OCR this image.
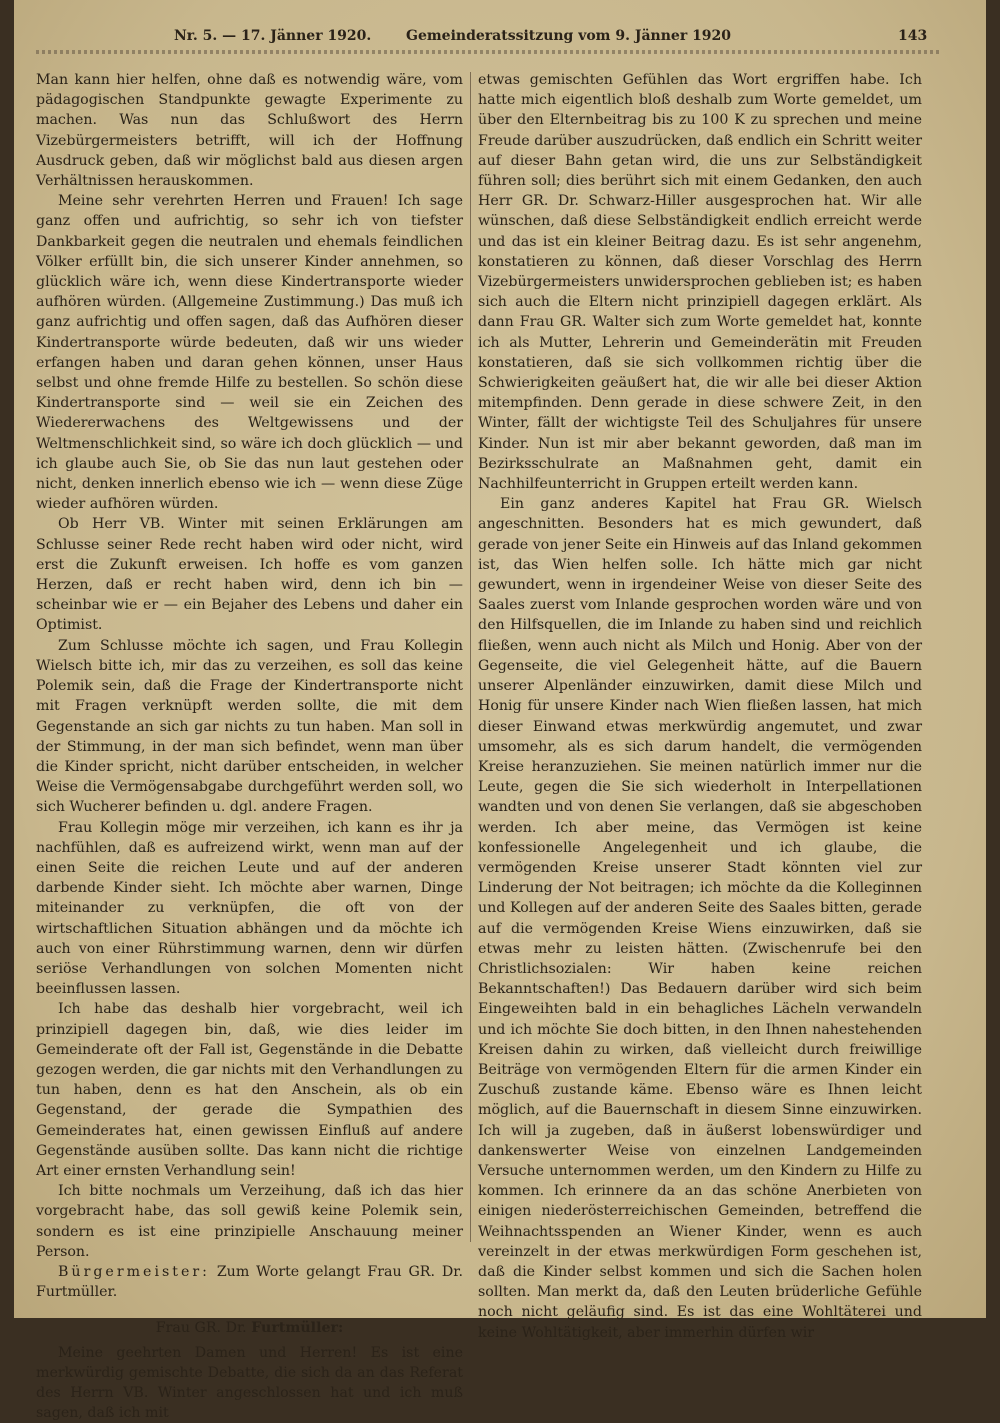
Nr. 5. — 17. Jänner 1920. Gemeinderatssitzung vom 9. Jänner 1920	143

Man kann hier helfen, ohne daß es notwendig wäre, vom pädagogischen Standpunkte gewagte Experimente zu machen. Was nun das Schlußwort des Herrn Vizebürgermeisters betrifft, will ich der Hoffnung Ausdruck geben, daß wir möglichst bald aus diesen argen Verhältnissen herauskommen.

Meine sehr verehrten Herren und Frauen! Ich sage ganz offen und aufrichtig, so sehr ich von tiefster Dankbarkeit gegen die neutralen und ehemals feindlichen Völker erfüllt bin, die sich unserer Kinder annehmen, so glücklich wäre ich, wenn diese Kindertransporte wieder aufhören würden. (Allgemeine Zustimmung.) Das muß ich ganz aufrichtig und offen sagen, daß das Aufhören dieser Kindertransporte würde bedeuten, daß wir uns wieder erfangen haben und daran gehen können, unser Haus selbst und ohne fremde Hilfe zu bestellen. So schön diese Kindertransporte sind — weil sie ein Zeichen des Wiedererwachens des Weltgewissens und der Weltmenschlichkeit sind, so wäre ich doch glücklich — und ich glaube auch Sie, ob Sie das nun laut gestehen oder nicht, denken innerlich ebenso wie ich — wenn diese Züge wieder aufhören würden.

Ob Herr VB. Winter mit seinen Erklärungen am Schlusse seiner Rede recht haben wird oder nicht, wird erst die Zukunft erweisen. Ich hoffe es vom ganzen Herzen, daß er recht haben wird, denn ich bin — scheinbar wie er — ein Bejaher des Lebens und daher ein Optimist.

Zum Schlusse möchte ich sagen, und Frau Kollegin Wielsch bitte ich, mir das zu verzeihen, es soll das keine Polemik sein, daß die Frage der Kindertransporte nicht mit Fragen verknüpft werden sollte, die mit dem Gegenstande an sich gar nichts zu tun haben. Man soll in der Stimmung, in der man sich befindet, wenn man über die Kinder spricht, nicht darüber entscheiden, in welcher Weise die Vermögensabgabe durchgeführt werden soll, wo sich Wucherer befinden u. dgl. andere Fragen.

Frau Kollegin möge mir verzeihen, ich kann es ihr ja nachfühlen, daß es aufreizend wirkt, wenn man auf der einen Seite die reichen Leute und auf der anderen darbende Kinder sieht. Ich möchte aber warnen, Dinge miteinander zu verknüpfen, die oft von der wirtschaftlichen Situation abhängen und da möchte ich auch von einer Rührstimmung warnen, denn wir dürfen seriöse Verhandlungen von solchen Momenten nicht beeinflussen lassen.

Ich habe das deshalb hier vorgebracht, weil ich prinzipiell dagegen bin, daß, wie dies leider im Gemeinderate oft der Fall ist, Gegenstände in die Debatte gezogen werden, die gar nichts mit den Verhandlungen zu tun haben, denn es hat den Anschein, als ob ein Gegenstand, der gerade die Sympathien des Gemeinderates hat, einen gewissen Einfluß auf andere Gegenstände ausüben sollte. Das kann nicht die richtige Art einer ernsten Verhandlung sein!

Ich bitte nochmals um Verzeihung, daß ich das hier vorgebracht habe, das soll gewiß keine Polemik sein, sondern es ist eine prinzipielle Anschauung meiner Person.

Bürgermeister: Zum Worte gelangt Frau GR. Dr. Furtmüller.

Frau GR. Dr. Furtmüller:

Meine geehrten Damen und Herren! Es ist eine merkwürdig gemischte Debatte, die sich da an das Referat des Herrn VB. Winter angeschlossen hat und ich muß sagen, daß ich mit

etwas gemischten Gefühlen das Wort ergriffen habe. Ich hatte mich eigentlich bloß deshalb zum Worte gemeldet, um über den Elternbeitrag bis zu 100 K zu sprechen und meine Freude darüber auszudrücken, daß endlich ein Schritt weiter auf dieser Bahn getan wird, die uns zur Selbständigkeit führen soll; dies berührt sich mit einem Gedanken, den auch Herr GR. Dr. Schwarz-Hiller ausgesprochen hat. Wir alle wünschen, daß diese Selbständigkeit endlich erreicht werde und das ist ein kleiner Beitrag dazu. Es ist sehr angenehm, konstatieren zu können, daß dieser Vorschlag des Herrn Vizebürgermeisters unwidersprochen geblieben ist; es haben sich auch die Eltern nicht prinzipiell dagegen erklärt. Als dann Frau GR. Walter sich zum Worte gemeldet hat, konnte ich als Mutter, Lehrerin und Gemeinderätin mit Freuden konstatieren, daß sie sich vollkommen richtig über die Schwierigkeiten geäußert hat, die wir alle bei dieser Aktion mitempfinden. Denn gerade in diese schwere Zeit, in den Winter, fällt der wichtigste Teil des Schuljahres für unsere Kinder. Nun ist mir aber bekannt geworden, daß man im Bezirksschulrate an Maßnahmen geht, damit ein Nachhilfeunterricht in Gruppen erteilt werden kann.

Ein ganz anderes Kapitel hat Frau GR. Wielsch angeschnitten. Besonders hat es mich gewundert, daß gerade von jener Seite ein Hinweis auf das Inland gekommen ist, das Wien helfen solle. Ich hätte mich gar nicht gewundert, wenn in irgendeiner Weise von dieser Seite des Saales zuerst vom Inlande gesprochen worden wäre und von den Hilfsquellen, die im Inlande zu haben sind und reichlich fließen, wenn auch nicht als Milch und Honig. Aber von der Gegenseite, die viel Gelegenheit hätte, auf die Bauern unserer Alpenländer einzuwirken, damit diese Milch und Honig für unsere Kinder nach Wien fließen lassen, hat mich dieser Einwand etwas merkwürdig angemutet, und zwar umsomehr, als es sich darum handelt, die vermögenden Kreise heranzuziehen. Sie meinen natürlich immer nur die Leute, gegen die Sie sich wiederholt in Interpellationen wandten und von denen Sie verlangen, daß sie abgeschoben werden. Ich aber meine, das Vermögen ist keine konfessionelle Angelegenheit und ich glaube, die vermögenden Kreise unserer Stadt könnten viel zur Linderung der Not beitragen; ich möchte da die Kolleginnen und Kollegen auf der anderen Seite des Saales bitten, gerade auf die vermögenden Kreise Wiens einzuwirken, daß sie etwas mehr zu leisten hätten. (Zwischenrufe bei den Christlichsozialen: Wir haben keine reichen Bekanntschaften!) Das Bedauern darüber wird sich beim Eingeweihten bald in ein behagliches Lächeln verwandeln und ich möchte Sie doch bitten, in den Ihnen nahestehenden Kreisen dahin zu wirken, daß vielleicht durch freiwillige Beiträge von vermögenden Eltern für die armen Kinder ein Zuschuß zustande käme. Ebenso wäre es Ihnen leicht möglich, auf die Bauernschaft in diesem Sinne einzuwirken. Ich will ja zugeben, daß in äußerst lobenswürdiger und dankenswerter Weise von einzelnen Landgemeinden Versuche unternommen werden, um den Kindern zu Hilfe zu kommen. Ich erinnere da an das schöne Anerbieten von einigen niederösterreichischen Gemeinden, betreffend die Weihnachtsspenden an Wiener Kinder, wenn es auch vereinzelt in der etwas merkwürdigen Form geschehen ist, daß die Kinder selbst kommen und sich die Sachen holen sollten. Man merkt da, daß den Leuten brüderliche Gefühle noch nicht geläufig sind. Es ist das eine Wohltäterei und keine Wohltätigkeit, aber immerhin dürfen wir
